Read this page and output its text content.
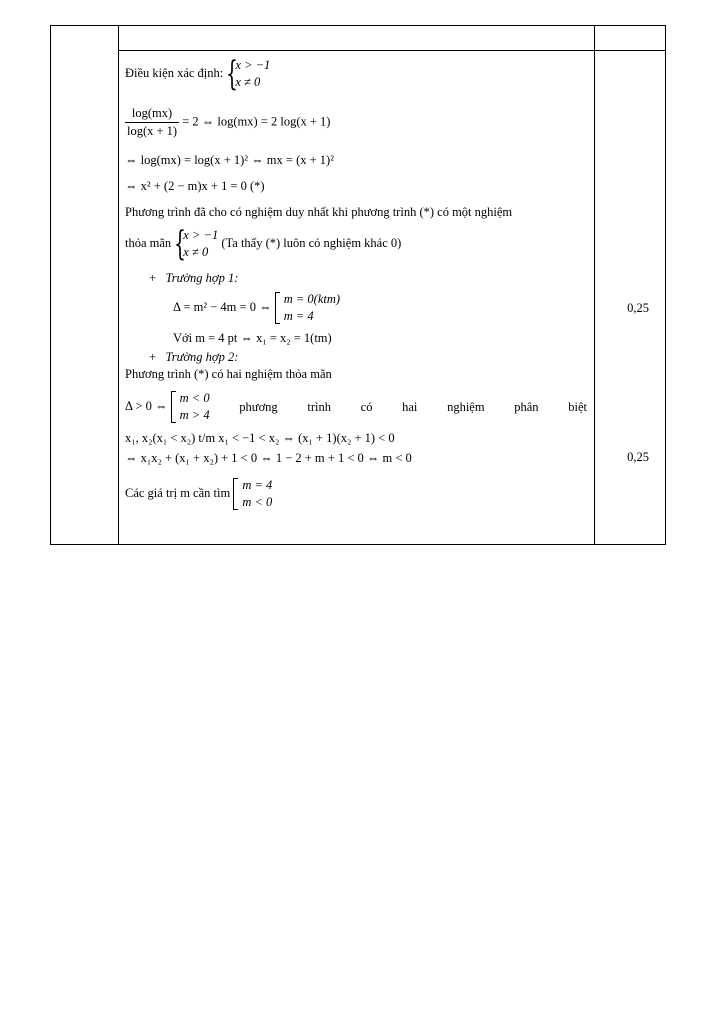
Điều kiện xác định: {
x > −1
x ≠ 0
$\frac{\log(mx)}{\log(x + 1)} = 2$ ⇔ log(mx) = 2 log(x + 1)
⇔ log(mx) = log(x + 1)² ⇔ mx = (x + 1)²
⇔ x² + (2 − m)x + 1 = 0 (*)
Phương trình đã cho có nghiệm duy nhất khi phương trình (*) có một nghiệm
thỏa mãn {
x > −1
x ≠ 0
(Ta thấy (*) luôn có nghiệm khác 0)
+ Trường hợp 1:
Δ = m² − 4m = 0 ⇔
m = 0(ktm)
m = 4
Với m = 4 pt ⇔ x₁ = x₂ = 1(tm)
+ Trường hợp 2:
Phương trình (*) có hai nghiệm thỏa mãn
Δ > 0 ⇔
m < 0
m > 4
phương trình có hai nghiệm phân biệt
x₁, x₂(x₁ < x₂) t/m x₁ < −1 < x₂ ⇔ (x₁ + 1)(x₂ + 1) < 0
⇔ x₁x₂ + (x₁ + x₂) + 1 < 0 ⇔ 1 − 2 + m + 1 < 0 ⇔ m < 0
Các giá trị m cần tìm
m = 4
m < 0
0,25
0,25
